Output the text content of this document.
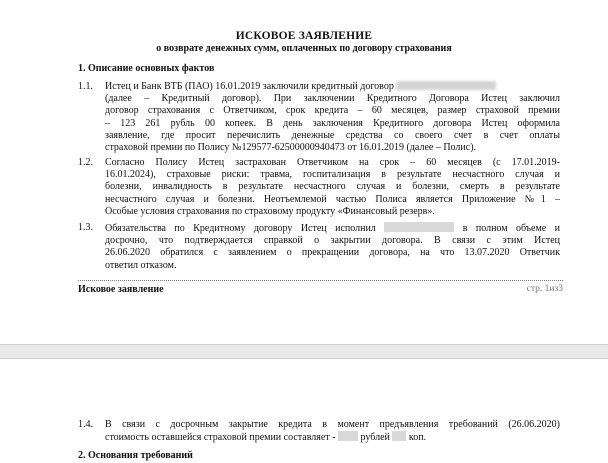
ИСКОВОЕ ЗАЯВЛЕНИЕ
о возврате денежных сумм, оплаченных по договору страхования
1. Описание основных фактов
1.1. Истец и Банк ВТБ (ПАО) 16.01.2019 заключили кредитный договор
(далее – Кредитный договор). При заключении Кредитного Договора Истец заключил
договор страхования с Ответчиком, срок кредита – 60 месяцев, размер страховой премии
– 123 261 рубль 00 копеек. В день заключения Кредитного договора Истец оформила
заявление, где просит перечислить денежные средства со своего счет в счет оплаты
страховой премии по Полису №129577-62500000940473 от 16.01.2019 (далее – Полис).
1.2. Согласно Полису Истец застрахован Ответчиком на срок – 60 месяцев (с 17.01.2019-
16.01.2024), страховые риски: травма, госпитализация в результате несчастного случая и
болезни, инвалидность в результате несчастного случая и болезни, смерть в результате
несчастного случая и болезни. Неотъемлемой частью Полиса является Приложение №1 –
Особые условия страхования по страховому продукту «Финансовый резерв».
1.3. Обязательства по Кредитному договору Истец исполнил	в полном объеме и
досрочно, что подтверждается справкой о закрытии договора. В связи с этим Истец
26.06.2020 обратился с заявлением о прекращении договора, на что 13.07.2020 Ответчик
ответил отказом.
Исковое заявление	стр. 1из3
1.4. В связи с досрочным закрытие кредита в момент предъявления требований (26.06.2020)
стоимость оставшейся страховой премии составляет -	рублей коп.
2. Основания требований
